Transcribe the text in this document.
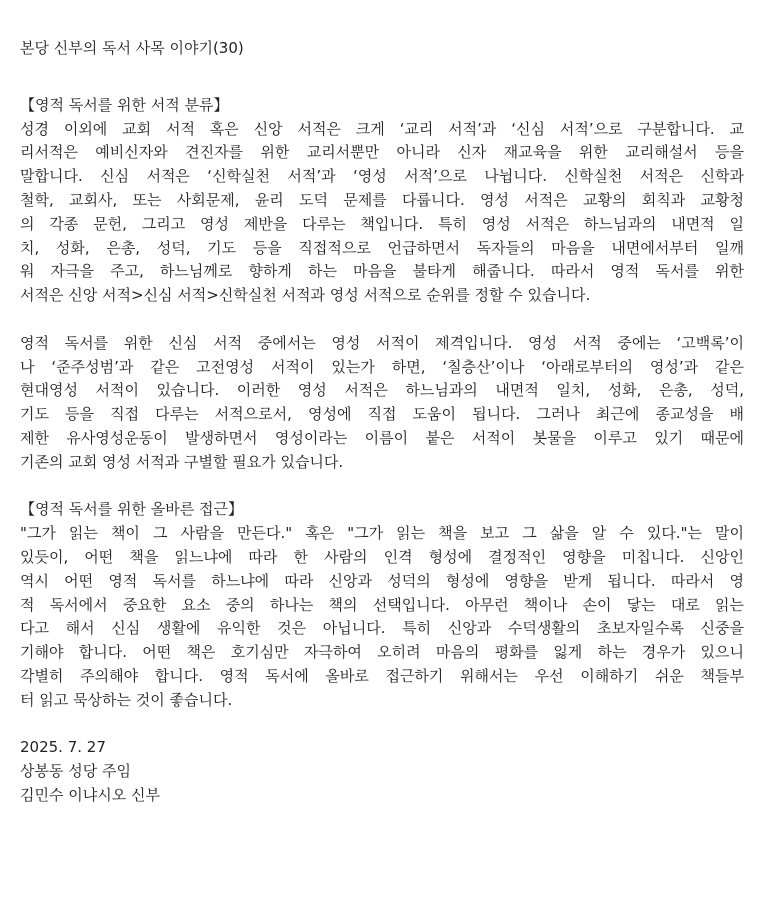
본당 신부의 독서 사목 이야기(30)
【영적 독서를 위한 서적 분류】
성경 이외에 교회 서적 혹은 신앙 서적은 크게 ‘교리 서적’과 ‘신심 서적’으로 구분합니다. 교
리서적은 예비신자와 견진자를 위한 교리서뿐만 아니라 신자 재교육을 위한 교리해설서 등을
말합니다. 신심 서적은 ‘신학실천 서적’과 ‘영성 서적’으로 나뉩니다. 신학실천 서적은 신학과
철학, 교회사, 또는 사회문제, 윤리 도덕 문제를 다룹니다. 영성 서적은 교황의 회칙과 교황청
의 각종 문헌, 그리고 영성 제반을 다루는 책입니다. 특히 영성 서적은 하느님과의 내면적 일
치, 성화, 은총, 성덕, 기도 등을 직접적으로 언급하면서 독자들의 마음을 내면에서부터 일깨
워 자극을 주고, 하느님께로 향하게 하는 마음을 불타게 해줍니다. 따라서 영적 독서를 위한
서적은 신앙 서적>신심 서적>신학실천 서적과 영성 서적으로 순위를 정할 수 있습니다.
영적 독서를 위한 신심 서적 중에서는 영성 서적이 제격입니다. 영성 서적 중에는 ‘고백록’이
나 ‘준주성범’과 같은 고전영성 서적이 있는가 하면, ‘칠층산’이나 ‘아래로부터의 영성’과 같은
현대영성 서적이 있습니다. 이러한 영성 서적은 하느님과의 내면적 일치, 성화, 은총, 성덕,
기도 등을 직접 다루는 서적으로서, 영성에 직접 도움이 됩니다. 그러나 최근에 종교성을 배
제한 유사영성운동이 발생하면서 영성이라는 이름이 붙은 서적이 봇물을 이루고 있기 때문에
기존의 교회 영성 서적과 구별할 필요가 있습니다.
【영적 독서를 위한 올바른 접근】
"그가 읽는 책이 그 사람을 만든다." 혹은 "그가 읽는 책을 보고 그 삶을 알 수 있다."는 말이
있듯이, 어떤 책을 읽느냐에 따라 한 사람의 인격 형성에 결정적인 영향을 미칩니다. 신앙인
역시 어떤 영적 독서를 하느냐에 따라 신앙과 성덕의 형성에 영향을 받게 됩니다. 따라서 영
적 독서에서 중요한 요소 중의 하나는 책의 선택입니다. 아무런 책이나 손이 닿는 대로 읽는
다고 해서 신심 생활에 유익한 것은 아닙니다. 특히 신앙과 수덕생활의 초보자일수록 신중을
기해야 합니다. 어떤 책은 호기심만 자극하여 오히려 마음의 평화를 잃게 하는 경우가 있으니
각별히 주의해야 합니다. 영적 독서에 올바로 접근하기 위해서는 우선 이해하기 쉬운 책들부
터 읽고 묵상하는 것이 좋습니다.
2025. 7. 27
상봉동 성당 주임
김민수 이냐시오 신부
